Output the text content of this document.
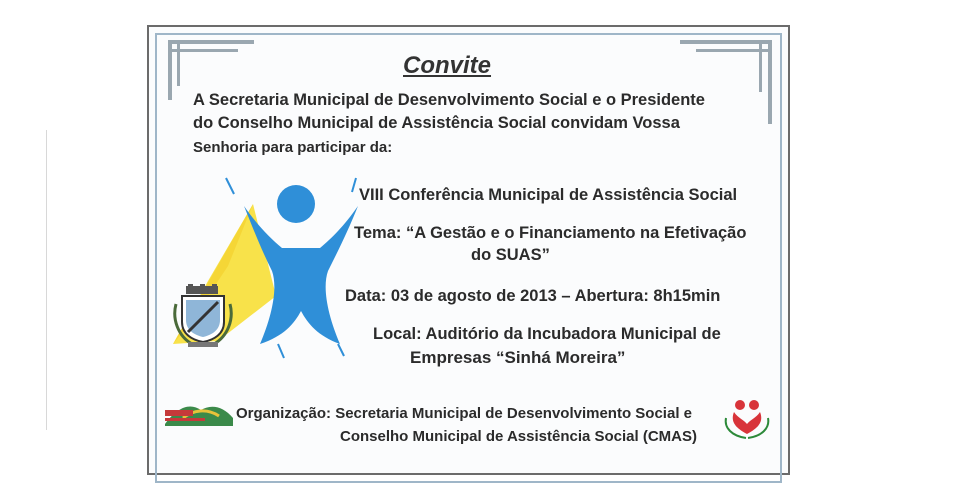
Convite
A Secretaria Municipal de Desenvolvimento Social e o Presidente
do Conselho Municipal de Assistência Social convidam Vossa
Senhoria para participar da:
VIII Conferência Municipal de Assistência Social
Tema: “A Gestão e o Financiamento na Efetivação
do SUAS”
Data: 03 de agosto de 2013 – Abertura: 8h15min
Local: Auditório da Incubadora Municipal de
Empresas “Sinhá Moreira”
Organização: Secretaria Municipal de Desenvolvimento Social e
Conselho Municipal de Assistência Social (CMAS)
